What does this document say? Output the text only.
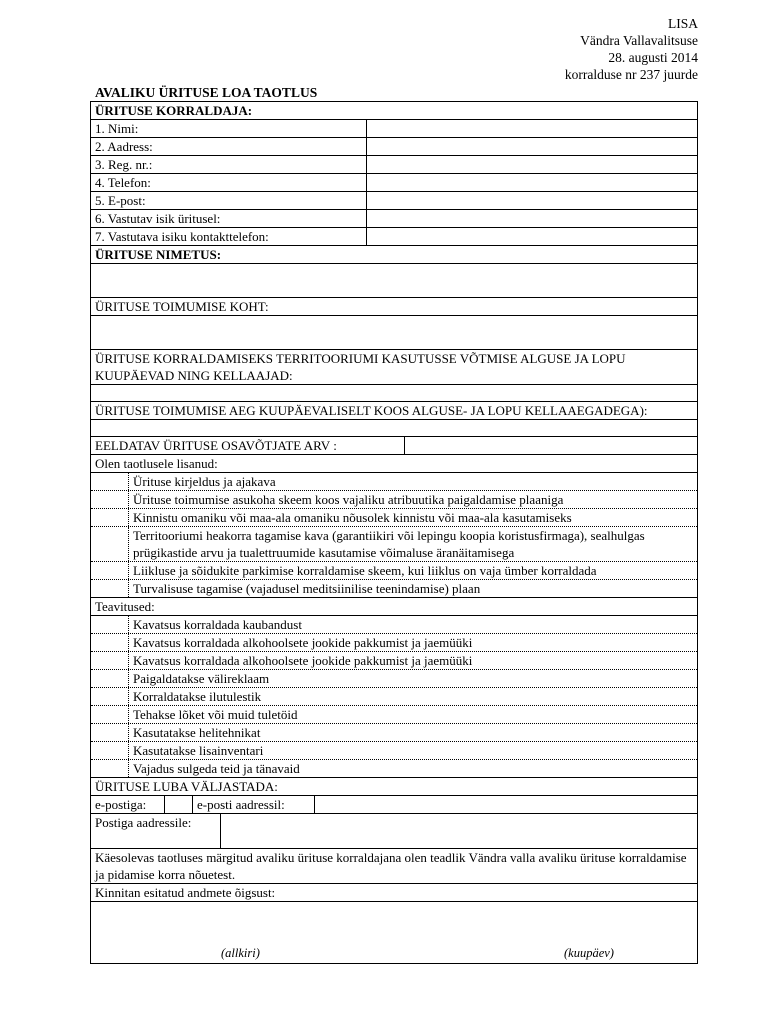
LISA
Vändra Vallavalitsuse
28. augusti 2014
korralduse nr 237 juurde
AVALIKU ÜRITUSE LOA TAOTLUS
ÜRITUSE KORRALDAJA:
1. Nimi:
2. Aadress:
3. Reg. nr.:
4. Telefon:
5. E-post:
6. Vastutav isik üritusel:
7. Vastutava isiku kontakttelefon:
ÜRITUSE NIMETUS:
ÜRITUSE TOIMUMISE KOHT:
ÜRITUSE KORRALDAMISEKS TERRITOORIUMI KASUTUSSE VÕTMISE ALGUSE JA LOPU KUUPÄEVAD NING KELLAAJAD:
ÜRITUSE TOIMUMISE AEG KUUPÄEVALISELT KOOS ALGUSE- JA LOPU KELLAAEGADEGA):
EELDATAV ÜRITUSE OSAVÕTJATE ARV :
Olen taotlusele lisanud:
Ürituse kirjeldus ja ajakava
Ürituse toimumise asukoha skeem koos vajaliku atribuutika paigaldamise plaaniga
Kinnistu omaniku või maa-ala omaniku nõusolek kinnistu või maa-ala kasutamiseks
Territooriumi heakorra tagamise kava (garantiikiri või lepingu koopia koristusfirmaga), sealhulgas prügikastide arvu ja tualettruumide kasutamise võimaluse äranäitamisega
Liikluse ja sõidukite parkimise korraldamise skeem, kui liiklus on vaja ümber korraldada
Turvalisuse tagamise (vajadusel meditsiinilise teenindamise) plaan
Teavitused:
Kavatsus korraldada kaubandust
Kavatsus korraldada alkohoolsete jookide pakkumist ja jaemüüki
Kavatsus korraldada alkohoolsete jookide pakkumist ja jaemüüki
Paigaldatakse välireklaam
Korraldatakse ilutulestik
Tehakse lõket või muid tuletöid
Kasutatakse helitehnikat
Kasutatakse lisainventari
Vajadus sulgeda teid ja tänavaid
ÜRITUSE LUBA VÄLJASTADA:
e-postiga:	e-posti aadressil:
Postiga aadressile:
Käesolevas taotluses märgitud avaliku ürituse korraldajana olen teadlik Vändra valla avaliku ürituse korraldamise ja pidamise korra nõuetest.
Kinnitan esitatud andmete õigsust:
(allkiri)	(kuupäev)
